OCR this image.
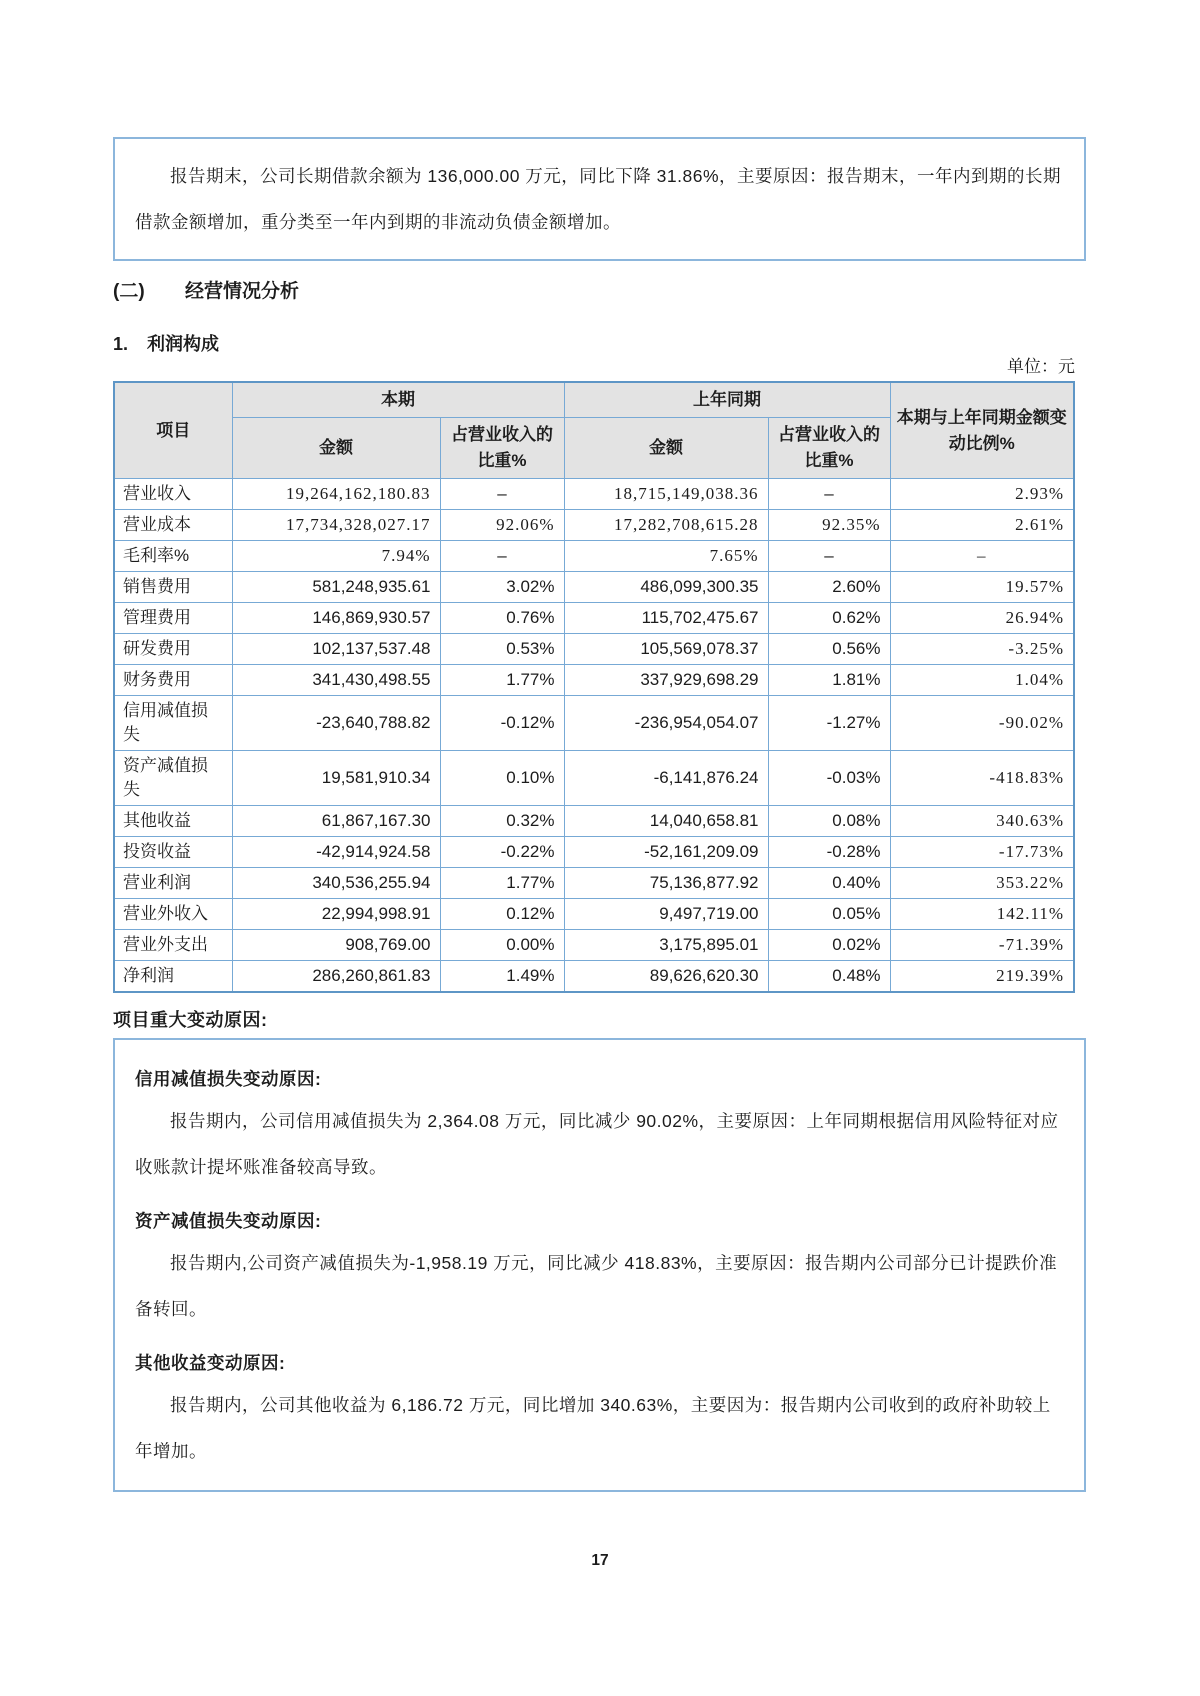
报告期末，公司长期借款余额为 136,000.00 万元，同比下降 31.86%，主要原因：报告期末，一年内到期的长期借款金额增加，重分类至一年内到期的非流动负债金额增加。

(二) 经营情况分析
1. 利润构成
单位：元
项目	本期		上年同期		本期与上年同期金额变动比例%
	金额	占营业收入的比重%	金额	占营业收入的比重%	
营业收入	19,264,162,180.83	–	18,715,149,038.36	–	2.93%
营业成本	17,734,328,027.17	92.06%	17,282,708,615.28	92.35%	2.61%
毛利率%	7.94%	–	7.65%	–	–
销售费用	581,248,935.61	3.02%	486,099,300.35	2.60%	19.57%
管理费用	146,869,930.57	0.76%	115,702,475.67	0.62%	26.94%
研发费用	102,137,537.48	0.53%	105,569,078.37	0.56%	-3.25%
财务费用	341,430,498.55	1.77%	337,929,698.29	1.81%	1.04%
信用减值损失	-23,640,788.82	-0.12%	-236,954,054.07	-1.27%	-90.02%
资产减值损失	19,581,910.34	0.10%	-6,141,876.24	-0.03%	-418.83%
其他收益	61,867,167.30	0.32%	14,040,658.81	0.08%	340.63%
投资收益	-42,914,924.58	-0.22%	-52,161,209.09	-0.28%	-17.73%
营业利润	340,536,255.94	1.77%	75,136,877.92	0.40%	353.22%
营业外收入	22,994,998.91	0.12%	9,497,719.00	0.05%	142.11%
营业外支出	908,769.00	0.00%	3,175,895.01	0.02%	-71.39%
净利润	286,260,861.83	1.49%	89,626,620.30	0.48%	219.39%
项目重大变动原因:

信用减值损失变动原因:

报告期内，公司信用减值损失为 2,364.08 万元，同比减少 90.02%，主要原因：上年同期根据信用风险特征对应收账款计提坏账准备较高导致。

资产减值损失变动原因:

报告期内,公司资产减值损失为-1,958.19 万元，同比减少 418.83%，主要原因：报告期内公司部分已计提跌价准备转回。

其他收益变动原因:

报告期内，公司其他收益为 6,186.72 万元，同比增加 340.63%，主要因为：报告期内公司收到的政府补助较上年增加。

17
